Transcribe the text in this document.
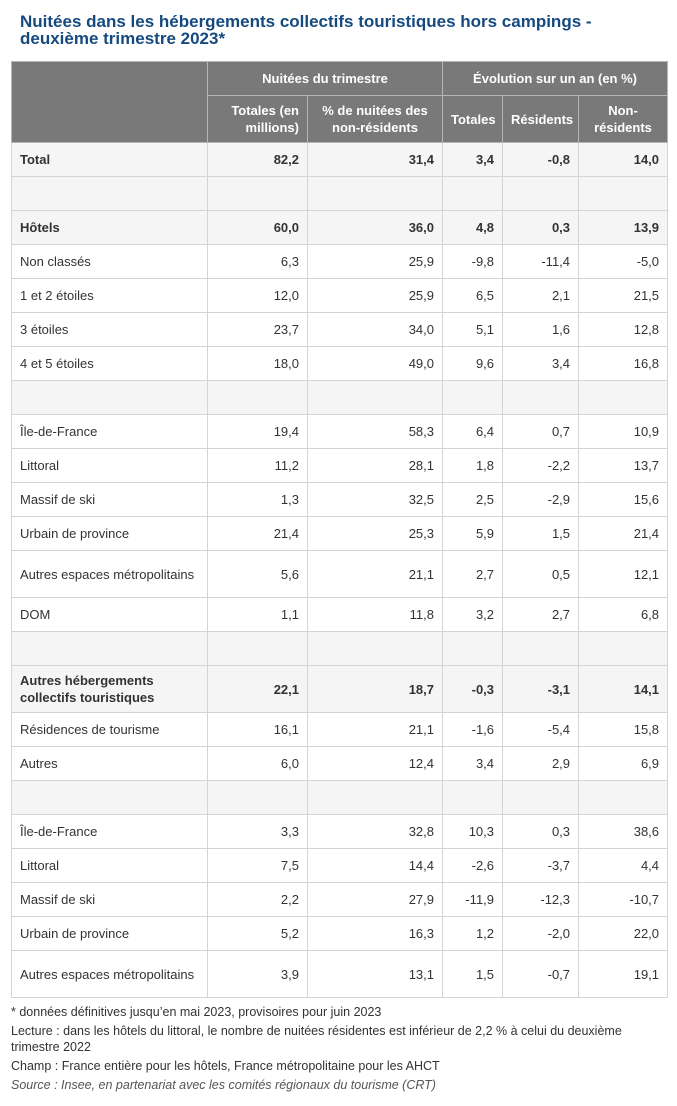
Nuitées dans les hébergements collectifs touristiques hors campings - deuxième trimestre 2023*
	Nuitées du trimestre		Évolution sur un an (en %)		
	Totales (en millions)	% de nuitées des non-résidents	Totales	Résidents	Non-résidents
Total	82,2	31,4	3,4	-0,8	14,0

Hôtels	60,0	36,0	4,8	0,3	13,9
Non classés	6,3	25,9	-9,8	-11,4	-5,0
1 et 2 étoiles	12,0	25,9	6,5	2,1	21,5
3 étoiles	23,7	34,0	5,1	1,6	12,8
4 et 5 étoiles	18,0	49,0	9,6	3,4	16,8

Île-de-France	19,4	58,3	6,4	0,7	10,9
Littoral	11,2	28,1	1,8	-2,2	13,7
Massif de ski	1,3	32,5	2,5	-2,9	15,6
Urbain de province	21,4	25,3	5,9	1,5	21,4
Autres espaces métropolitains	5,6	21,1	2,7	0,5	12,1
DOM	1,1	11,8	3,2	2,7	6,8

Autres hébergements collectifs touristiques	22,1	18,7	-0,3	-3,1	14,1
Résidences de tourisme	16,1	21,1	-1,6	-5,4	15,8
Autres	6,0	12,4	3,4	2,9	6,9

Île-de-France	3,3	32,8	10,3	0,3	38,6
Littoral	7,5	14,4	-2,6	-3,7	4,4
Massif de ski	2,2	27,9	-11,9	-12,3	-10,7
Urbain de province	5,2	16,3	1,2	-2,0	22,0
Autres espaces métropolitains	3,9	13,1	1,5	-0,7	19,1

* données définitives jusqu’en mai 2023, provisoires pour juin 2023

Lecture : dans les hôtels du littoral, le nombre de nuitées résidentes est inférieur de 2,2 % à celui du deuxième trimestre 2022

Champ : France entière pour les hôtels, France métropolitaine pour les AHCT

Source : Insee, en partenariat avec les comités régionaux du tourisme (CRT)
